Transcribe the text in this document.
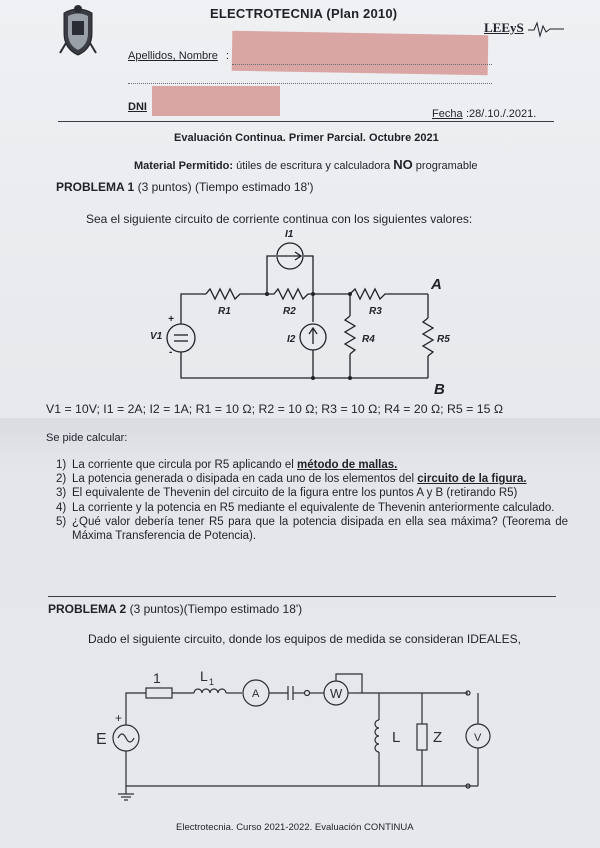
ELECTROTECNIA (Plan 2010)
LEEyS
Apellidos, Nombre :
DNI
Fecha :28/.10./.2021.
Evaluación Continua. Primer Parcial. Octubre 2021
Material Permitido: útiles de escritura y calculadora NO programable
PROBLEMA 1 (3 puntos) (Tiempo estimado 18')
Sea el siguiente circuito de corriente continua con los siguientes valores:
I1
R1	R2	R3
R4	R5
I2
V1
+
-
A
B
V1 = 10V; I1 = 2A; I2 = 1A; R1 = 10 Ω; R2 = 10 Ω; R3 = 10 Ω; R4 = 20 Ω; R5 = 15 Ω
Se pide calcular:
1) La corriente que circula por R5 aplicando el método de mallas.
2) La potencia generada o disipada en cada uno de los elementos del circuito de la figura.
3) El equivalente de Thevenin del circuito de la figura entre los puntos A y B (retirando R5)
4) La corriente y la potencia en R5 mediante el equivalente de Thevenin anteriormente calculado.
5) ¿Qué valor debería tener R5 para que la potencia disipada en ella sea máxima? (Teorema de Máxima Transferencia de Potencia).
PROBLEMA 2 (3 puntos)(Tiempo estimado 18')
Dado el siguiente circuito, donde los equipos de medida se consideran IDEALES,
1	L 1
A	W
L Z	V
E
+
Electrotecnia. Curso 2021-2022. Evaluación CONTINUA
